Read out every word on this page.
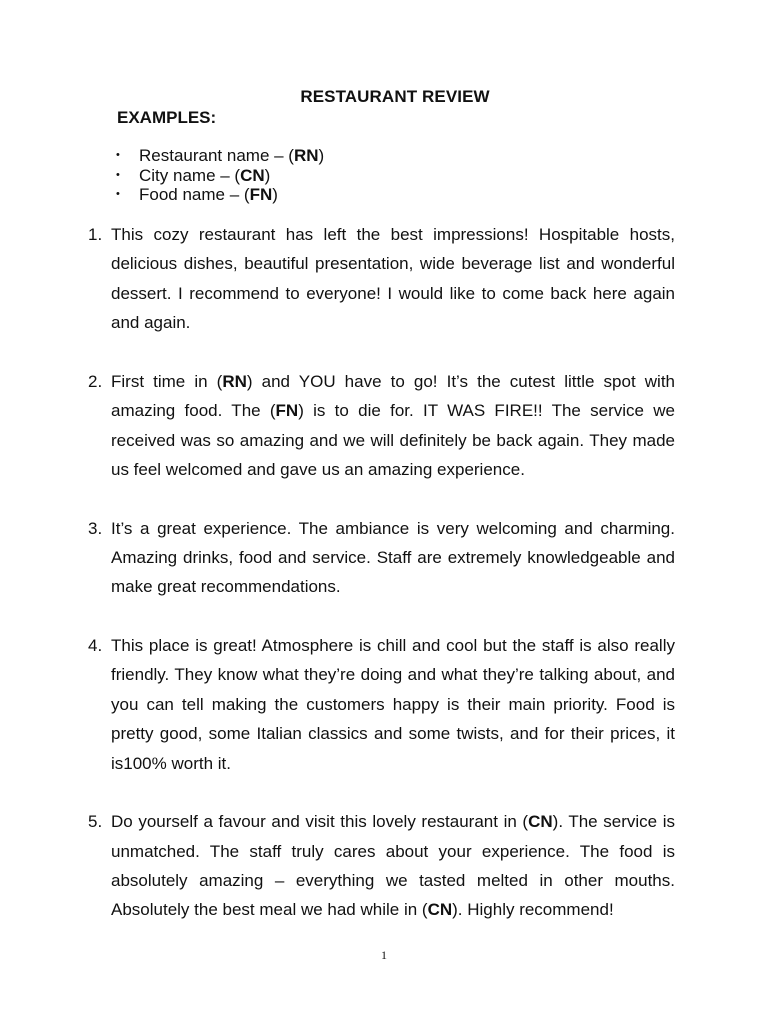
RESTAURANT REVIEW
EXAMPLES:
• Restaurant name – (RN)
• City name – (CN)
• Food name – (FN)
1. This cozy restaurant has left the best impressions! Hospitable hosts, delicious dishes, beautiful presentation, wide beverage list and wonderful dessert. I recommend to everyone! I would like to come back here again and again.
2. First time in (RN) and YOU have to go! It’s the cutest little spot with amazing food. The (FN) is to die for. IT WAS FIRE!! The service we received was so amazing and we will definitely be back again. They made us feel welcomed and gave us an amazing experience.
3. It’s a great experience. The ambiance is very welcoming and charming. Amazing drinks, food and service. Staff are extremely knowledgeable and make great recommendations.
4. This place is great! Atmosphere is chill and cool but the staff is also really friendly. They know what they’re doing and what they’re talking about, and you can tell making the customers happy is their main priority. Food is pretty good, some Italian classics and some twists, and for their prices, it is100% worth it.
5. Do yourself a favour and visit this lovely restaurant in (CN). The service is unmatched. The staff truly cares about your experience. The food is absolutely amazing – everything we tasted melted in other mouths. Absolutely the best meal we had while in (CN). Highly recommend!
1
